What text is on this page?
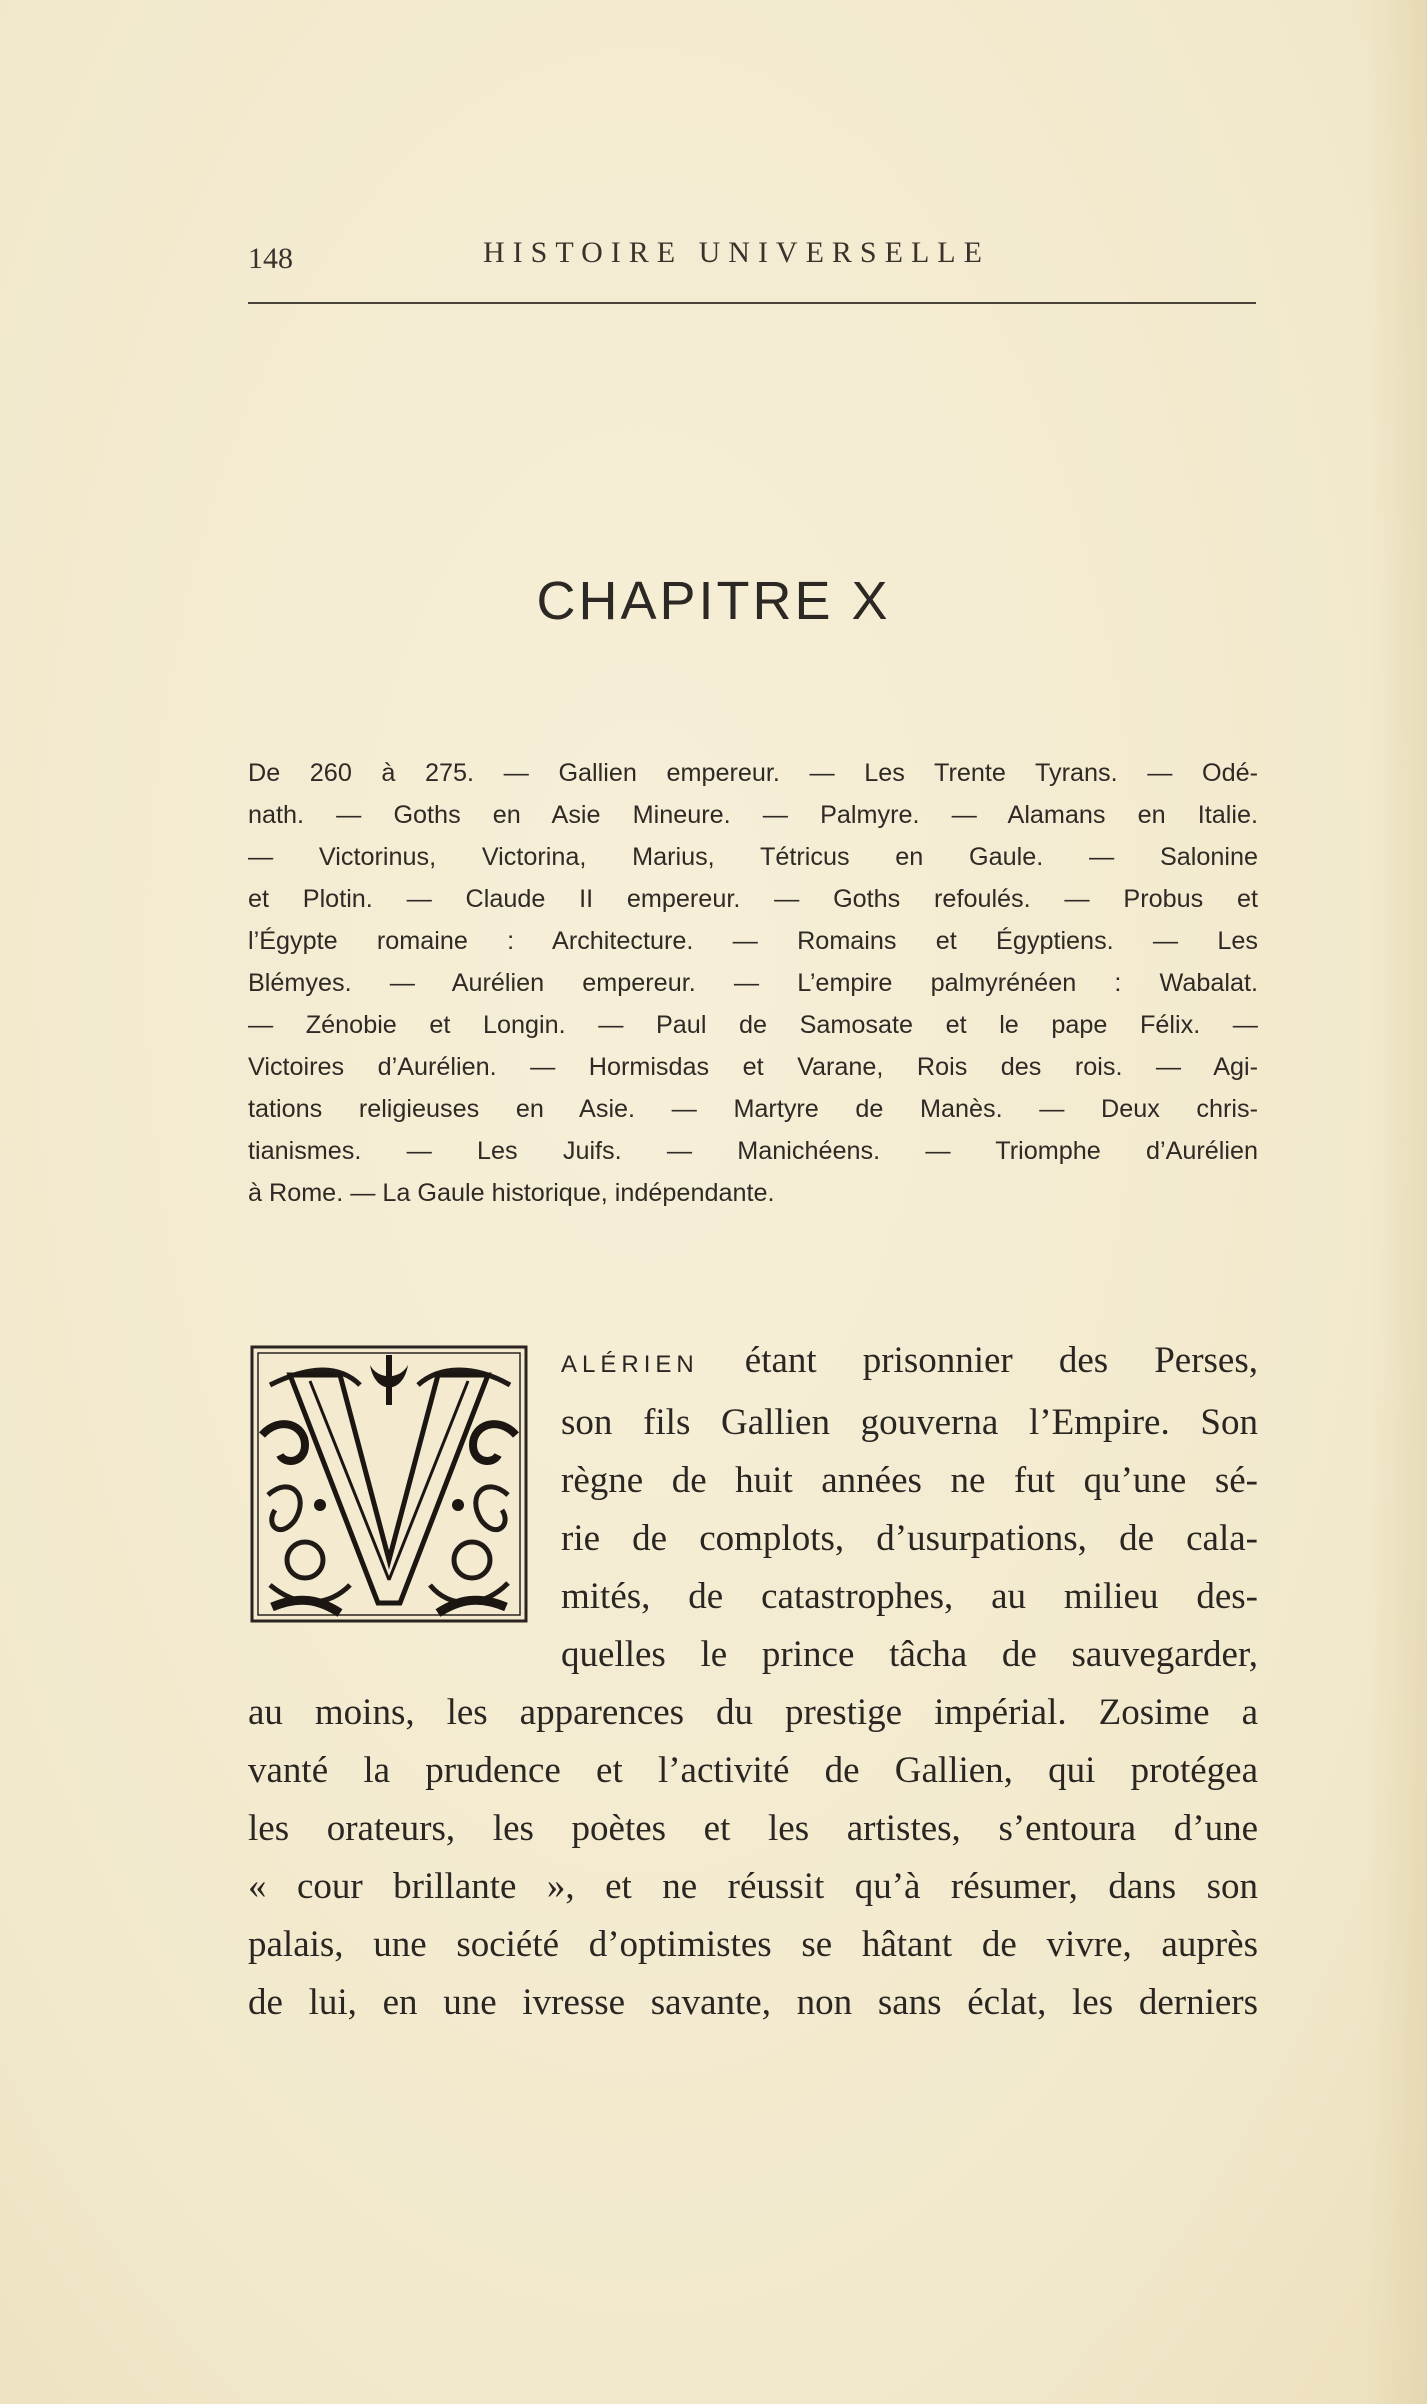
148	HISTOIRE UNIVERSELLE
CHAPITRE X
De 260 à 275. — Gallien empereur. — Les Trente Tyrans. — Odé-
nath. — Goths en Asie Mineure. — Palmyre. — Alamans en Italie.
— Victorinus, Victorina, Marius, Tétricus en Gaule. — Salonine
et Plotin. — Claude II empereur. — Goths refoulés. — Probus et
l’Égypte romaine : Architecture. — Romains et Égyptiens. — Les
Blémyes. — Aurélien empereur. — L’empire palmyrénéen : Wabalat.
— Zénobie et Longin. — Paul de Samosate et le pape Félix. —
Victoires d’Aurélien. — Hormisdas et Varane, Rois des rois. — Agi-
tations religieuses en Asie. — Martyre de Manès. — Deux chris-
tianismes. — Les Juifs. — Manichéens. — Triomphe d’Aurélien
à Rome. — La Gaule historique, indépendante.
ALÉRIEN étant prisonnier des Perses,
son fils Gallien gouverna l’Empire. Son
règne de huit années ne fut qu’une sé-
rie de complots, d’usurpations, de cala-
mités, de catastrophes, au milieu des-
quelles le prince tâcha de sauvegarder,
au moins, les apparences du prestige impérial. Zosime a
vanté la prudence et l’activité de Gallien, qui protégea
les orateurs, les poètes et les artistes, s’entoura d’une
« cour brillante », et ne réussit qu’à résumer, dans son
palais, une société d’optimistes se hâtant de vivre, auprès
de lui, en une ivresse savante, non sans éclat, les derniers
